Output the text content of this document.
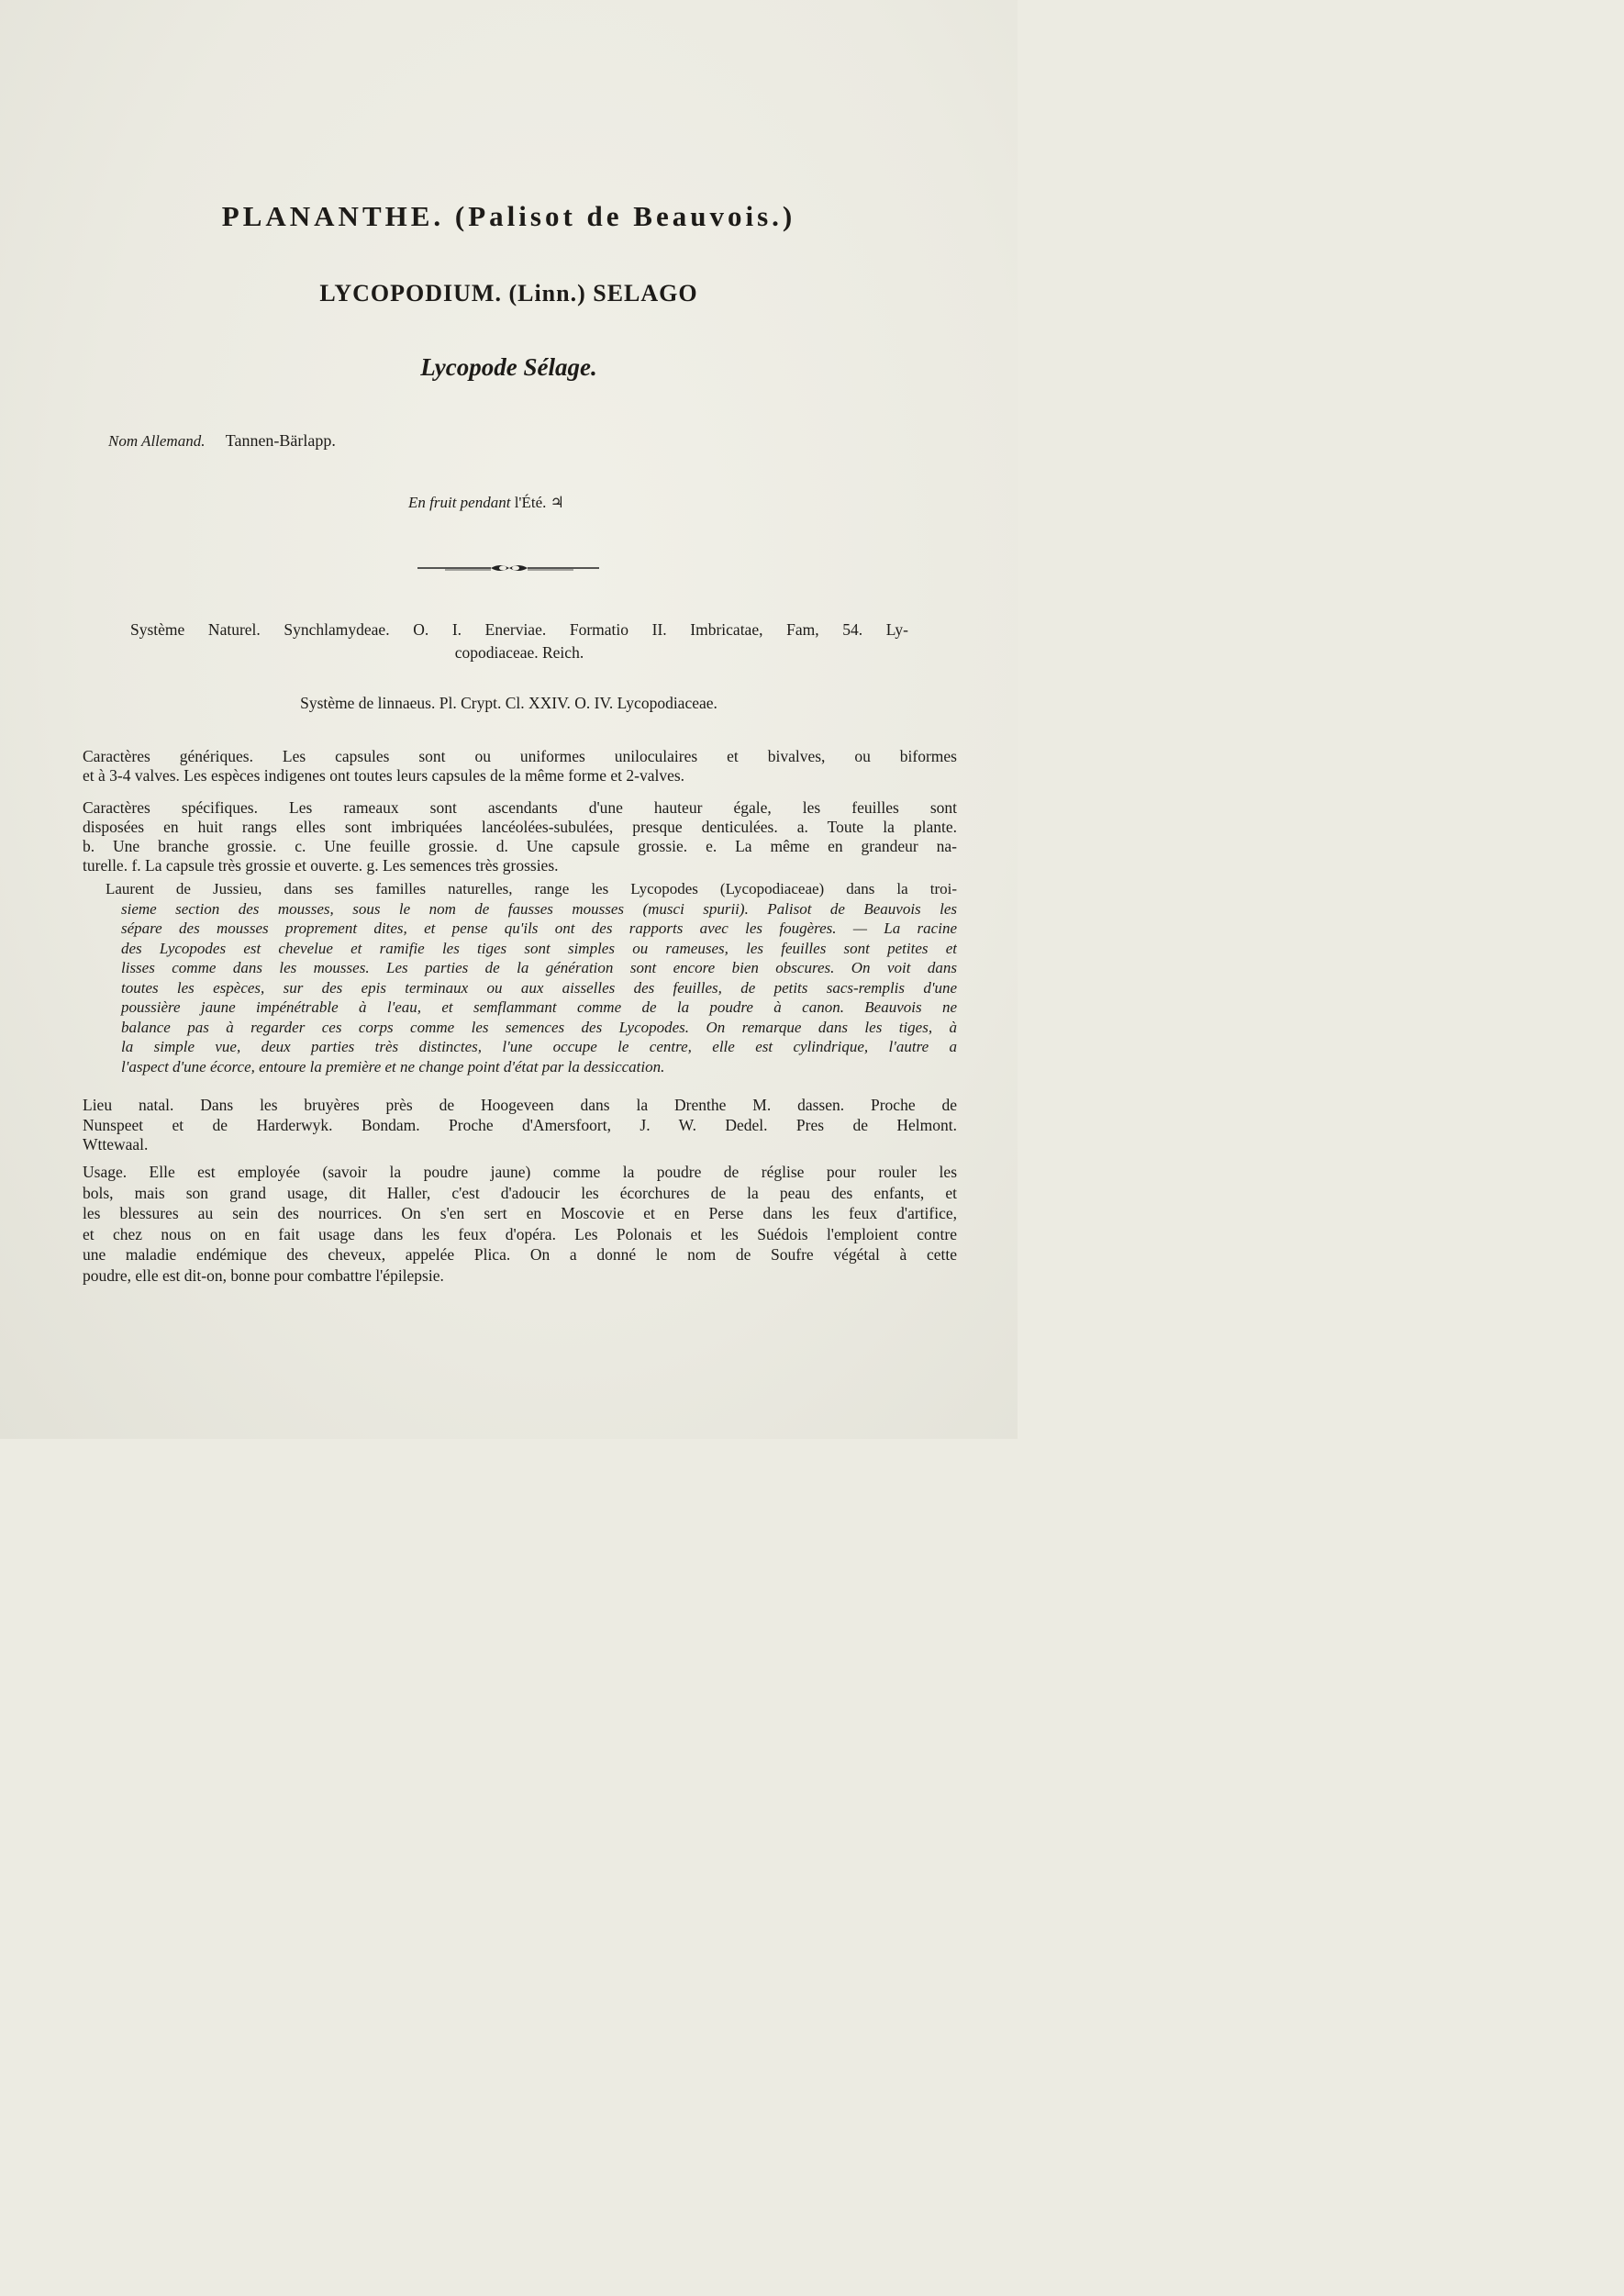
PLANANTHE. (Palisot de Beauvois.)
LYCOPODIUM. (Linn.) SELAGO
Lycopode Sélage.
Nom Allemand. Tannen-Bärlapp.
En fruit pendant l'Été. ♃
Système Naturel. Synchlamydeae. O. I. Enerviae. Formatio II. Imbricatae, Fam, 54. Ly-
copodiaceae. Reich.
Système de linnaeus. Pl. Crypt. Cl. XXIV. O. IV. Lycopodiaceae.
Caractères génériques. Les capsules sont ou uniformes uniloculaires et bivalves, ou biformes
et à 3-4 valves. Les espèces indigenes ont toutes leurs capsules de la même forme et 2-valves.
Caractères spécifiques. Les rameaux sont ascendants d'une hauteur égale, les feuilles sont
disposées en huit rangs elles sont imbriquées lancéolées-subulées, presque denticulées. a. Toute la plante.
b. Une branche grossie. c. Une feuille grossie. d. Une capsule grossie. e. La même en grandeur na-
turelle. f. La capsule très grossie et ouverte. g. Les semences très grossies.
Laurent de Jussieu, dans ses familles naturelles, range les Lycopodes (Lycopodiaceae) dans la troi-
sieme section des mousses, sous le nom de fausses mousses (musci spurii). Palisot de Beauvois les
sépare des mousses proprement dites, et pense qu'ils ont des rapports avec les fougères. — La racine
des Lycopodes est chevelue et ramifie les tiges sont simples ou rameuses, les feuilles sont petites et
lisses comme dans les mousses. Les parties de la génération sont encore bien obscures. On voit dans
toutes les espèces, sur des epis terminaux ou aux aisselles des feuilles, de petits sacs-remplis d'une
poussière jaune impénétrable à l'eau, et semflammant comme de la poudre à canon. Beauvois ne
balance pas à regarder ces corps comme les semences des Lycopodes. On remarque dans les tiges, à
la simple vue, deux parties très distinctes, l'une occupe le centre, elle est cylindrique, l'autre a
l'aspect d'une écorce, entoure la première et ne change point d'état par la dessiccation.
Lieu natal. Dans les bruyères près de Hoogeveen dans la Drenthe M. dassen. Proche de
Nunspeet et de Harderwyk. Bondam. Proche d'Amersfoort, J. W. Dedel. Pres de Helmont.
Wttewaal.
Usage. Elle est employée (savoir la poudre jaune) comme la poudre de réglise pour rouler les
bols, mais son grand usage, dit Haller, c'est d'adoucir les écorchures de la peau des enfants, et
les blessures au sein des nourrices. On s'en sert en Moscovie et en Perse dans les feux d'artifice,
et chez nous on en fait usage dans les feux d'opéra. Les Polonais et les Suédois l'emploient contre
une maladie endémique des cheveux, appelée Plica. On a donné le nom de Soufre végétal à cette
poudre, elle est dit-on, bonne pour combattre l'épilepsie.
